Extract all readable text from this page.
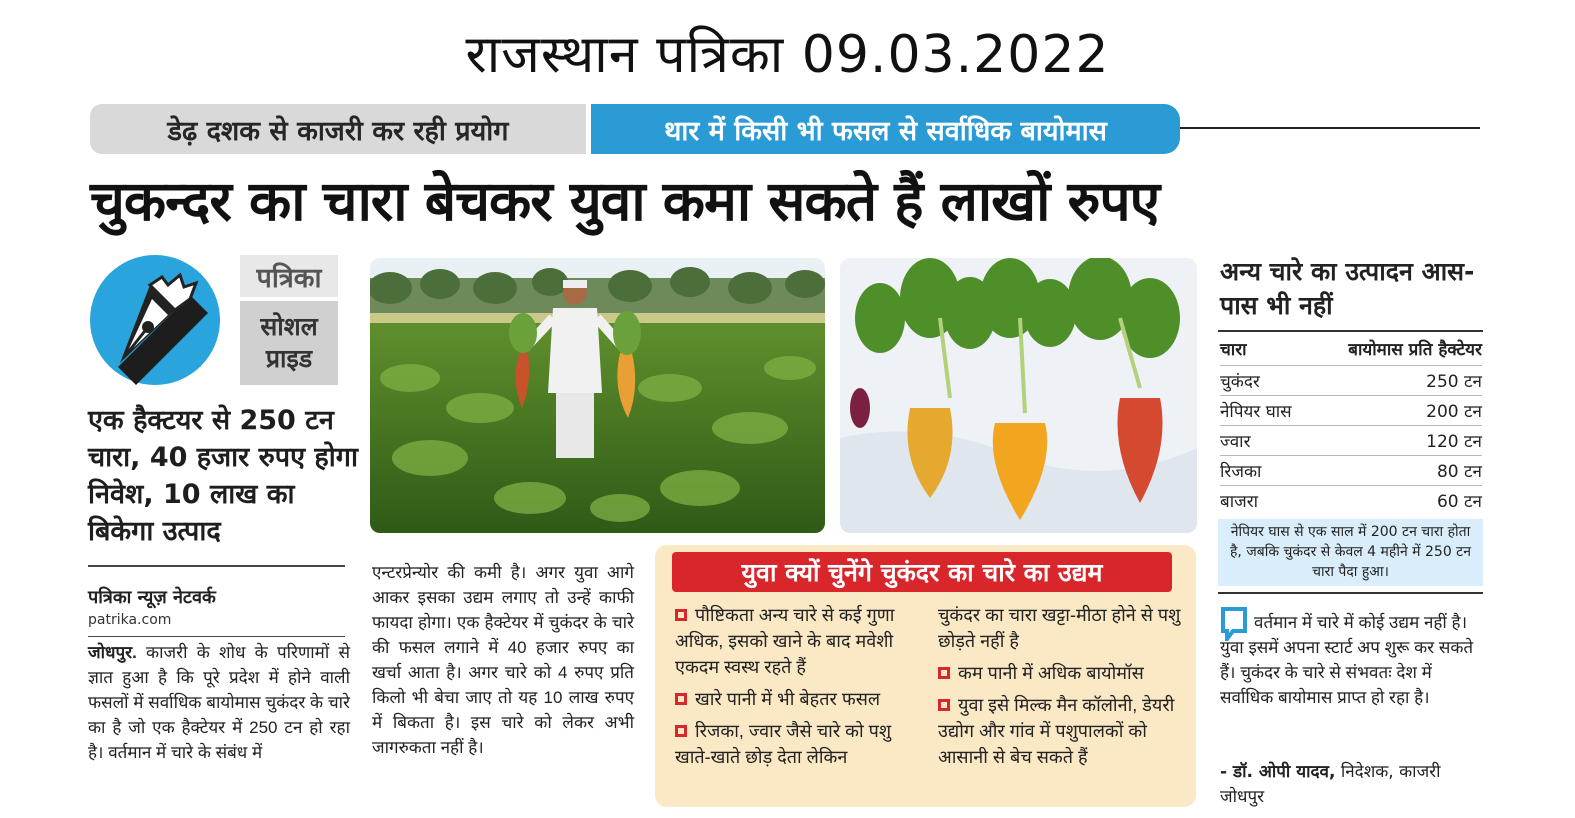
राजस्थान पत्रिका 09.03.2022
डेढ़ दशक से काजरी कर रही प्रयोग	थार में किसी भी फसल से सर्वाधिक बायोमास
चुकन्दर का चारा बेचकर युवा कमा सकते हैं लाखों रुपए
पत्रिका
सोशल
प्राइड
एक हैक्टयर से 250 टन चारा, 40 हजार रुपए होगा निवेश, 10 लाख का बिकेगा उत्पाद
पत्रिका न्यूज़ नेटवर्क
patrika.com
जोधपुर. काजरी के शोध के परिणामों से ज्ञात हुआ है कि पूरे प्रदेश में होने वाली फसलों में सर्वाधिक बायोमास चुकंदर के चारे का है जो एक हैक्टेयर में 250 टन हो रहा है। वर्तमान में चारे के संबंध में
एन्टरप्रेन्योर की कमी है। अगर युवा आगे आकर इसका उद्यम लगाए तो उन्हें काफी फायदा होगा। एक हैक्टेयर में चुकंदर के चारे की फसल लगाने में 40 हजार रुपए का खर्चा आता है। अगर चारे को 4 रुपए प्रति किलो भी बेचा जाए तो यह 10 लाख रुपए में बिकता है। इस चारे को लेकर अभी जागरुकता नहीं है।
युवा क्यों चुनेंगे चुकंदर का चारे का उद्यम
पौष्टिकता अन्य चारे से कई गुणा अधिक, इसको खाने के बाद मवेशी एकदम स्वस्थ रहते हैं
खारे पानी में भी बेहतर फसल
रिजका, ज्वार जैसे चारे को पशु खाते-खाते छोड़ देता लेकिन
चुकंदर का चारा खट्टा-मीठा होने से पशु छोड़ते नहीं है
कम पानी में अधिक बायोमॉस
युवा इसे मिल्क मैन कॉलोनी, डेयरी उद्योग और गांव में पशुपालकों को आसानी से बेच सकते हैं
अन्य चारे का उत्पादन आस-पास भी नहीं
चारा	बायोमास प्रति हैक्टेयर
चुकंदर	250 टन
नेपियर घास	200 टन
ज्वार	120 टन
रिजका	80 टन
बाजरा	60 टन
नेपियर घास से एक साल में 200 टन चारा होता है, जबकि चुकंदर से केवल 4 महीने में 250 टन चारा पैदा हुआ।
वर्तमान में चारे में कोई उद्यम नहीं है। युवा इसमें अपना स्टार्ट अप शुरू कर सकते हैं। चुकंदर के चारे से संभवतः देश में सर्वाधिक बायोमास प्राप्त हो रहा है।
- डॉ. ओपी यादव, निदेशक, काजरी जोधपुर
